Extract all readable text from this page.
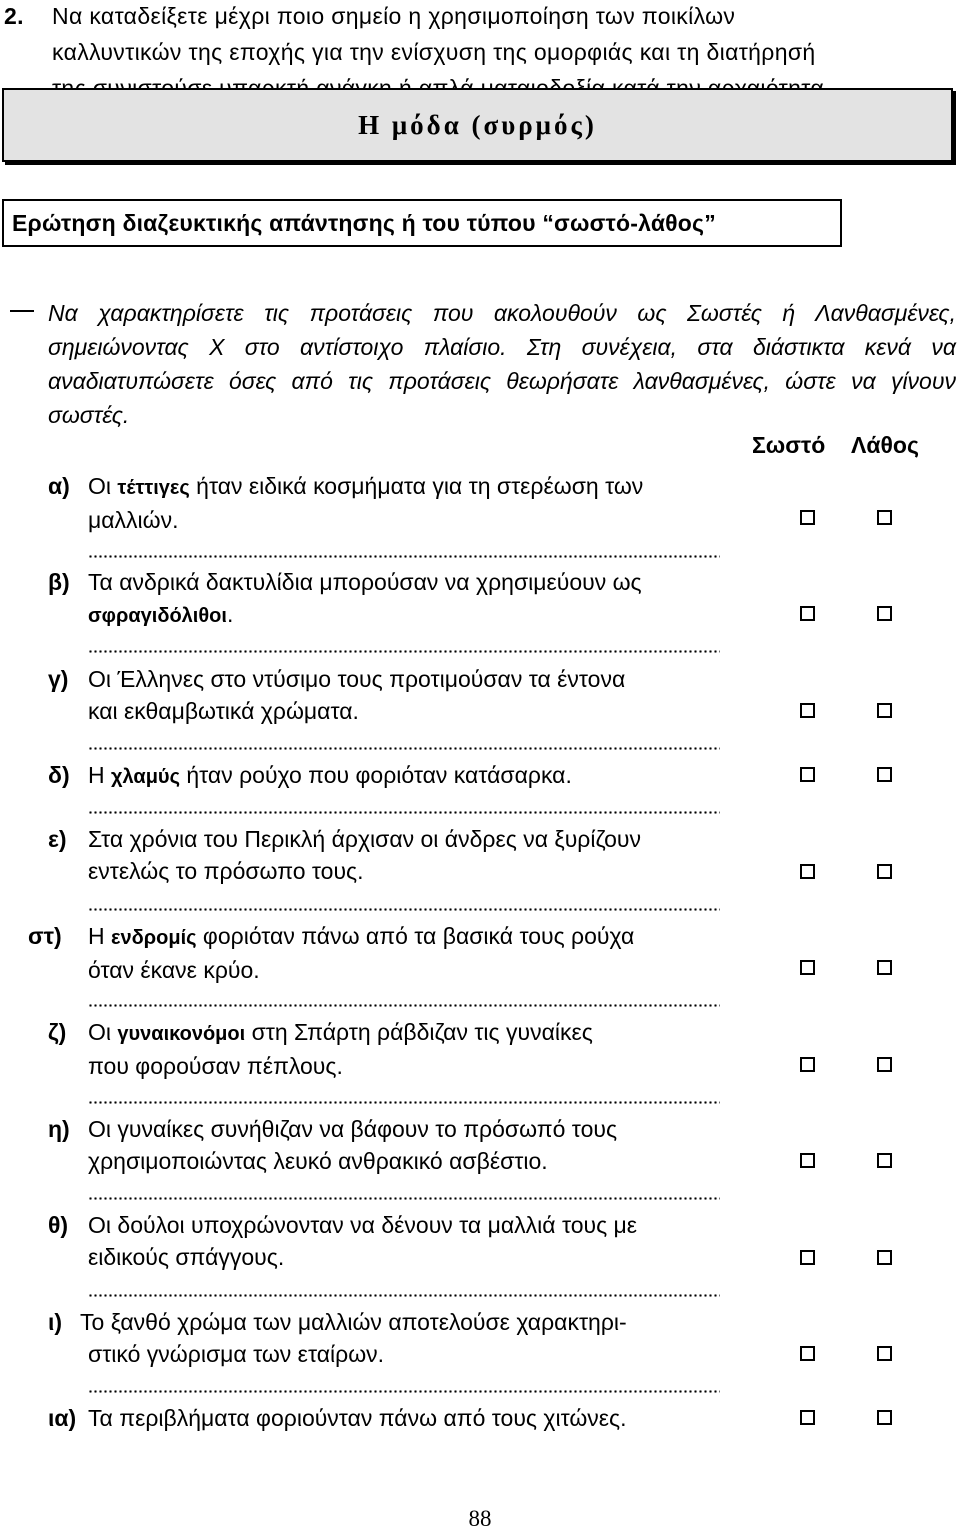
2. Να καταδείξετε μέχρι ποιο σημείο η χρησιμοποίηση των ποικίλων
καλλυντικών της εποχής για την ενίσχυση της ομορφιάς και τη διατήρησή
Η μόδα (συρμός)
Ερώτηση διαζευκτικής απάντησης ή του τύπου “σωστό-λάθος”
Να χαρακτηρίσετε τις προτάσεις που ακολουθούν ως Σωστές ή Λανθασμένες, σημειώνοντας Χ στο αντίστοιχο πλαίσιο. Στη συνέχεια, στα διάστικτα κενά να αναδιατυπώσετε όσες από τις προτάσεις θεωρήσατε λανθασμένες, ώστε να γίνουν σωστές.
Σωστό Λάθος
α) Οι τέττιγες ήταν ειδικά κοσμήματα για τη στερέωση των
μαλλιών.
β) Τα ανδρικά δακτυλίδια μπορούσαν να χρησιμεύουν ως
σφραγιδόλιθοι.
γ) Οι Έλληνες στο ντύσιμο τους προτιμούσαν τα έντονα
και εκθαμβωτικά χρώματα.
δ) Η χλαμύς ήταν ρούχο που φοριόταν κατάσαρκα.
ε) Στα χρόνια του Περικλή άρχισαν οι άνδρες να ξυρίζουν
εντελώς το πρόσωπο τους.
στ) Η ενδρομίς φοριόταν πάνω από τα βασικά τους ρούχα
όταν έκανε κρύο.
ζ) Οι γυναικονόμοι στη Σπάρτη ράβδιζαν τις γυναίκες
που φορούσαν πέπλους.
η) Οι γυναίκες συνήθιζαν να βάφουν το πρόσωπό τους
χρησιμοποιώντας λευκό ανθρακικό ασβέστιο.
θ) Οι δούλοι υποχρώνονταν να δένουν τα μαλλιά τους με
ειδικούς σπάγγους.
ι) Το ξανθό χρώμα των μαλλιών αποτελούσε χαρακτηρι-
στικό γνώρισμα των εταίρων.
ια) Τα περιβλήματα φοριούνταν πάνω από τους χιτώνες.
88
